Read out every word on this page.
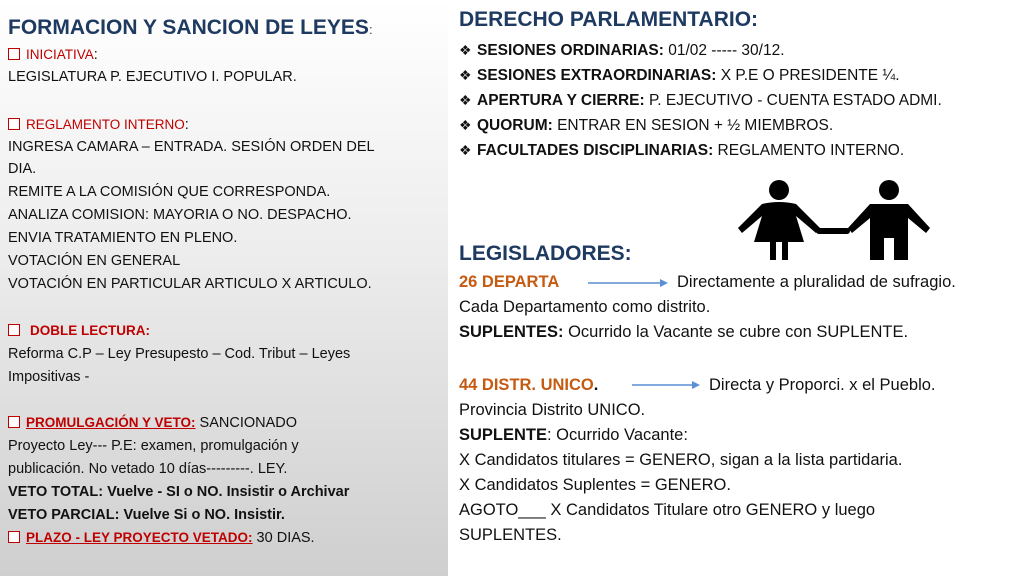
FORMACION Y SANCION DE LEYES:
INICIATIVA:
LEGISLATURA P. EJECUTIVO I. POPULAR.
REGLAMENTO INTERNO:
INGRESA CAMARA – ENTRADA. SESIÓN ORDEN DEL
DIA.
REMITE A LA COMISIÓN QUE CORRESPONDA.
ANALIZA COMISION: MAYORIA O NO. DESPACHO.
ENVIA TRATAMIENTO EN PLENO.
VOTACIÓN EN GENERAL
VOTACIÓN EN PARTICULAR ARTICULO X ARTICULO.
DOBLE LECTURA:
Reforma C.P – Ley Presupesto – Cod. Tribut – Leyes
Impositivas -
PROMULGACIÓN Y VETO: SANCIONADO
Proyecto Ley--- P.E: examen, promulgación y
publicación. No vetado 10 días---------. LEY.
VETO TOTAL: Vuelve - SI o NO. Insistir o Archivar
VETO PARCIAL: Vuelve Si o NO. Insistir.
PLAZO - LEY PROYECTO VETADO: 30 DIAS.
DERECHO PARLAMENTARIO:
❖ SESIONES ORDINARIAS: 01/02 ----- 30/12.
❖ SESIONES EXTRAORDINARIAS: X P.E O PRESIDENTE ¼.
❖ APERTURA Y CIERRE: P. EJECUTIVO - CUENTA ESTADO ADMI.
❖ QUORUM: ENTRAR EN SESION + ½ MIEMBROS.
❖ FACULTADES DISCIPLINARIAS: REGLAMENTO INTERNO.
LEGISLADORES:
26 DEPARTA	Directamente a pluralidad de sufragio.
Cada Departamento como distrito.
SUPLENTES: Ocurrido la Vacante se cubre con SUPLENTE.
44 DISTR. UNICO.	Directa y Proporci. x el Pueblo.
Provincia Distrito UNICO.
SUPLENTE: Ocurrido Vacante:
X Candidatos titulares = GENERO, sigan a la lista partidaria.
X Candidatos Suplentes = GENERO.
AGOTO___ X Candidatos Titulare otro GENERO y luego
SUPLENTES.
